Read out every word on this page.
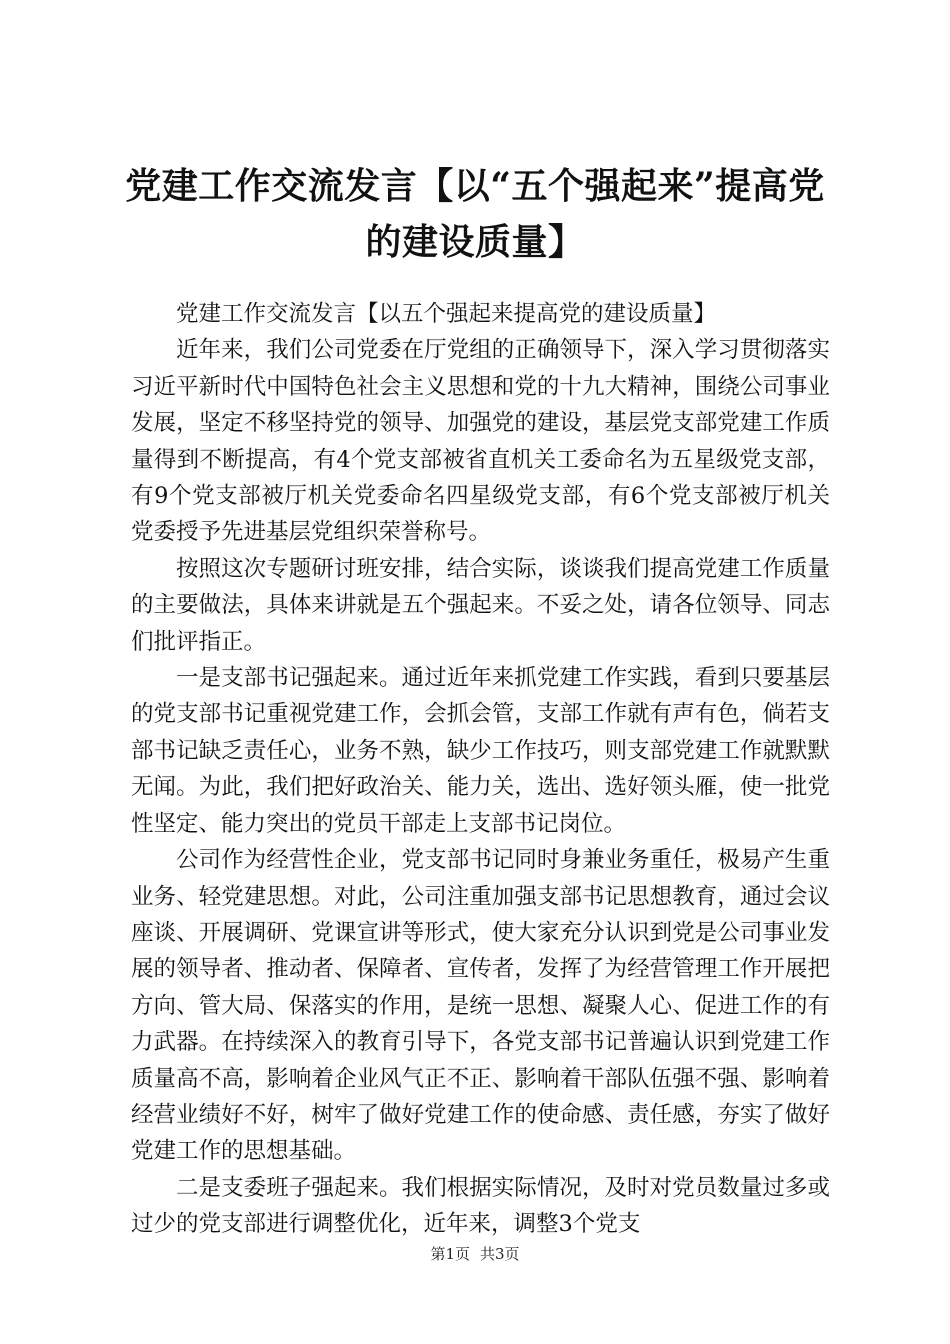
党建工作交流发言【以“五个强起来”提高党的建设质量】

党建工作交流发言【以五个强起来提高党的建设质量】

近年来，我们公司党委在厅党组的正确领导下，深入学习贯彻落实习近平新时代中国特色社会主义思想和党的十九大精神，围绕公司事业发展，坚定不移坚持党的领导、加强党的建设，基层党支部党建工作质量得到不断提高，有4个党支部被省直机关工委命名为五星级党支部，有9个党支部被厅机关党委命名四星级党支部，有6个党支部被厅机关党委授予先进基层党组织荣誉称号。

按照这次专题研讨班安排，结合实际，谈谈我们提高党建工作质量的主要做法，具体来讲就是五个强起来。不妥之处，请各位领导、同志们批评指正。

一是支部书记强起来。通过近年来抓党建工作实践，看到只要基层的党支部书记重视党建工作，会抓会管，支部工作就有声有色，倘若支部书记缺乏责任心，业务不熟，缺少工作技巧，则支部党建工作就默默无闻。为此，我们把好政治关、能力关，选出、选好领头雁，使一批党性坚定、能力突出的党员干部走上支部书记岗位。

公司作为经营性企业，党支部书记同时身兼业务重任，极易产生重业务、轻党建思想。对此，公司注重加强支部书记思想教育，通过会议座谈、开展调研、党课宣讲等形式，使大家充分认识到党是公司事业发展的领导者、推动者、保障者、宣传者，发挥了为经营管理工作开展把方向、管大局、保落实的作用，是统一思想、凝聚人心、促进工作的有力武器。在持续深入的教育引导下，各党支部书记普遍认识到党建工作质量高不高，影响着企业风气正不正、影响着干部队伍强不强、影响着经营业绩好不好，树牢了做好党建工作的使命感、责任感，夯实了做好党建工作的思想基础。

二是支委班子强起来。我们根据实际情况，及时对党员数量过多或过少的党支部进行调整优化，近年来，调整3个党支

第1页 共3页
